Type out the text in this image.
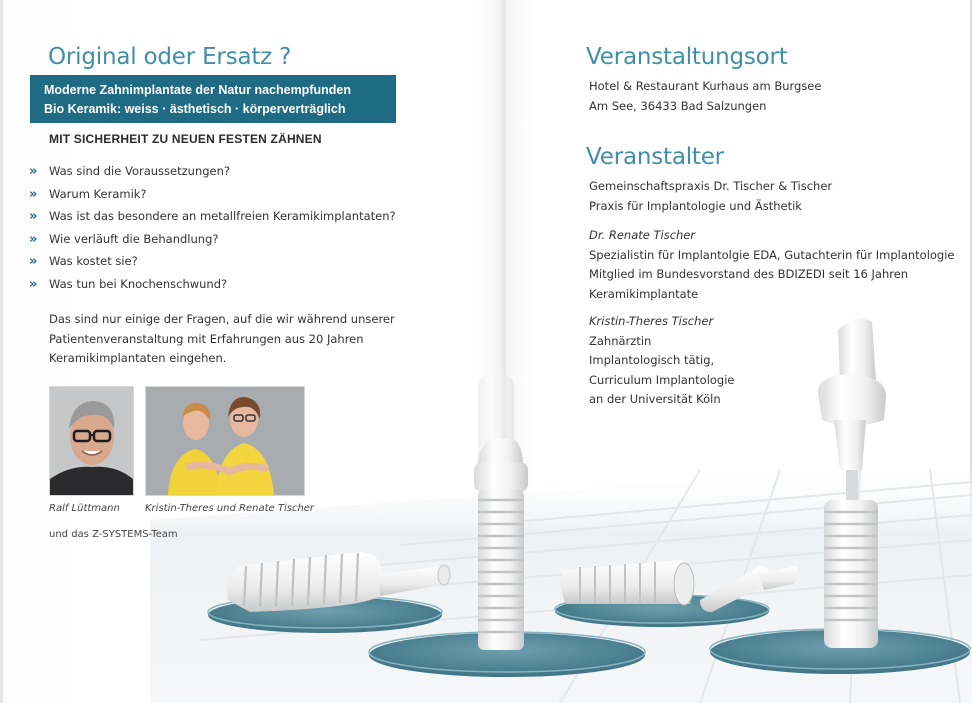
Original oder Ersatz ?
Moderne Zahnimplantate der Natur nachempfunden
Bio Keramik: weiss · ästhetisch · körperverträglich
MIT SICHERHEIT ZU NEUEN FESTEN ZÄHNEN
» Was sind die Voraussetzungen?
» Warum Keramik?
» Was ist das besondere an metallfreien Keramikimplantaten?
» Wie verläuft die Behandlung?
» Was kostet sie?
» Was tun bei Knochenschwund?
Das sind nur einige der Fragen, auf die wir während unserer
Patientenveranstaltung mit Erfahrungen aus 20 Jahren
Keramikimplantaten eingehen.
Ralf Lüttmann	Kristin-Theres und Renate Tischer
und das Z-SYSTEMS-Team
Veranstaltungsort
Hotel & Restaurant Kurhaus am Burgsee
Am See, 36433 Bad Salzungen
Veranstalter
Gemeinschaftspraxis Dr. Tischer & Tischer
Praxis für Implantologie und Ästhetik
Dr. Renate Tischer
Spezialistin für Implantolgie EDA, Gutachterin für Implantologie
Mitglied im Bundesvorstand des BDIZEDI seit 16 Jahren
Keramikimplantate
Kristin-Theres Tischer
Zahnärztin
Implantologisch tätig,
Curriculum Implantologie
an der Universität Köln
